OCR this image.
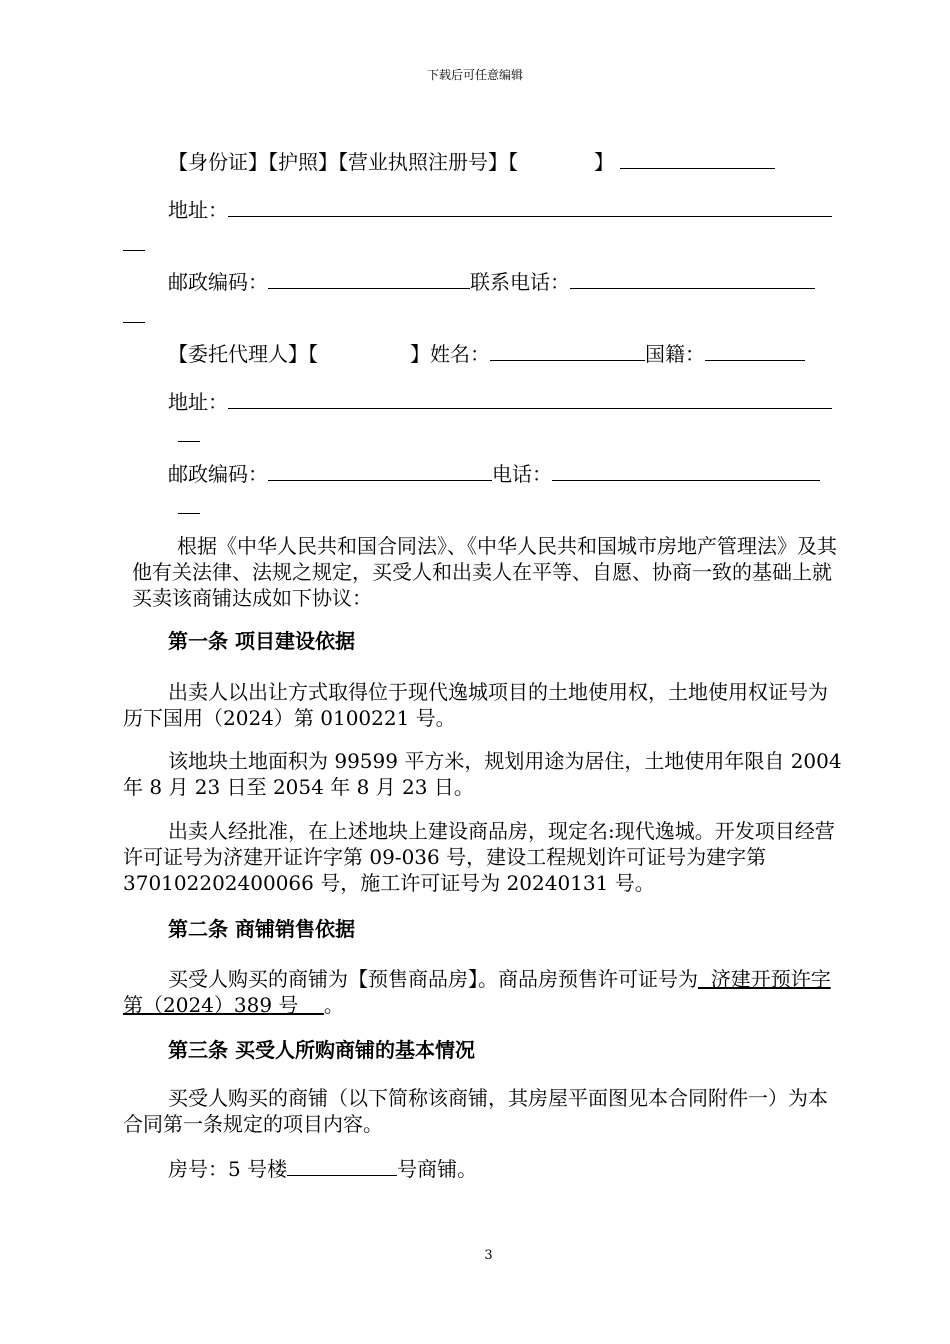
下载后可任意编辑
【身份证】【护照】【营业执照注册号】【	】
地址：
邮政编码：	联系电话：
【委托代理人】【	】姓名：	国籍：
地址：
邮政编码：	电话：
根据《中华人民共和国合同法》、《中华人民共和国城市房地产管理法》及其他有关法律、法规之规定，买受人和出卖人在平等、自愿、协商一致的基础上就买卖该商铺达成如下协议：
第一条 项目建设依据
出卖人以出让方式取得位于现代逸城项目的土地使用权，土地使用权证号为历下国用（2024）第 0100221 号。
该地块土地面积为 99599 平方米，规划用途为居住，土地使用年限自 2004 年 8 月 23 日至 2054 年 8 月 23 日。
出卖人经批准，在上述地块上建设商品房，现定名:现代逸城。开发项目经营许可证号为济建开证许字第 09-036 号，建设工程规划许可证号为建字第 370102202400066 号，施工许可证号为 20240131 号。
第二条 商铺销售依据
买受人购买的商铺为【预售商品房】。商品房预售许可证号为  济建开预许字第（2024）389 号    。
第三条 买受人所购商铺的基本情况
买受人购买的商铺（以下简称该商铺，其房屋平面图见本合同附件一）为本合同第一条规定的项目内容。
房号：5 号楼	号商铺。
3
